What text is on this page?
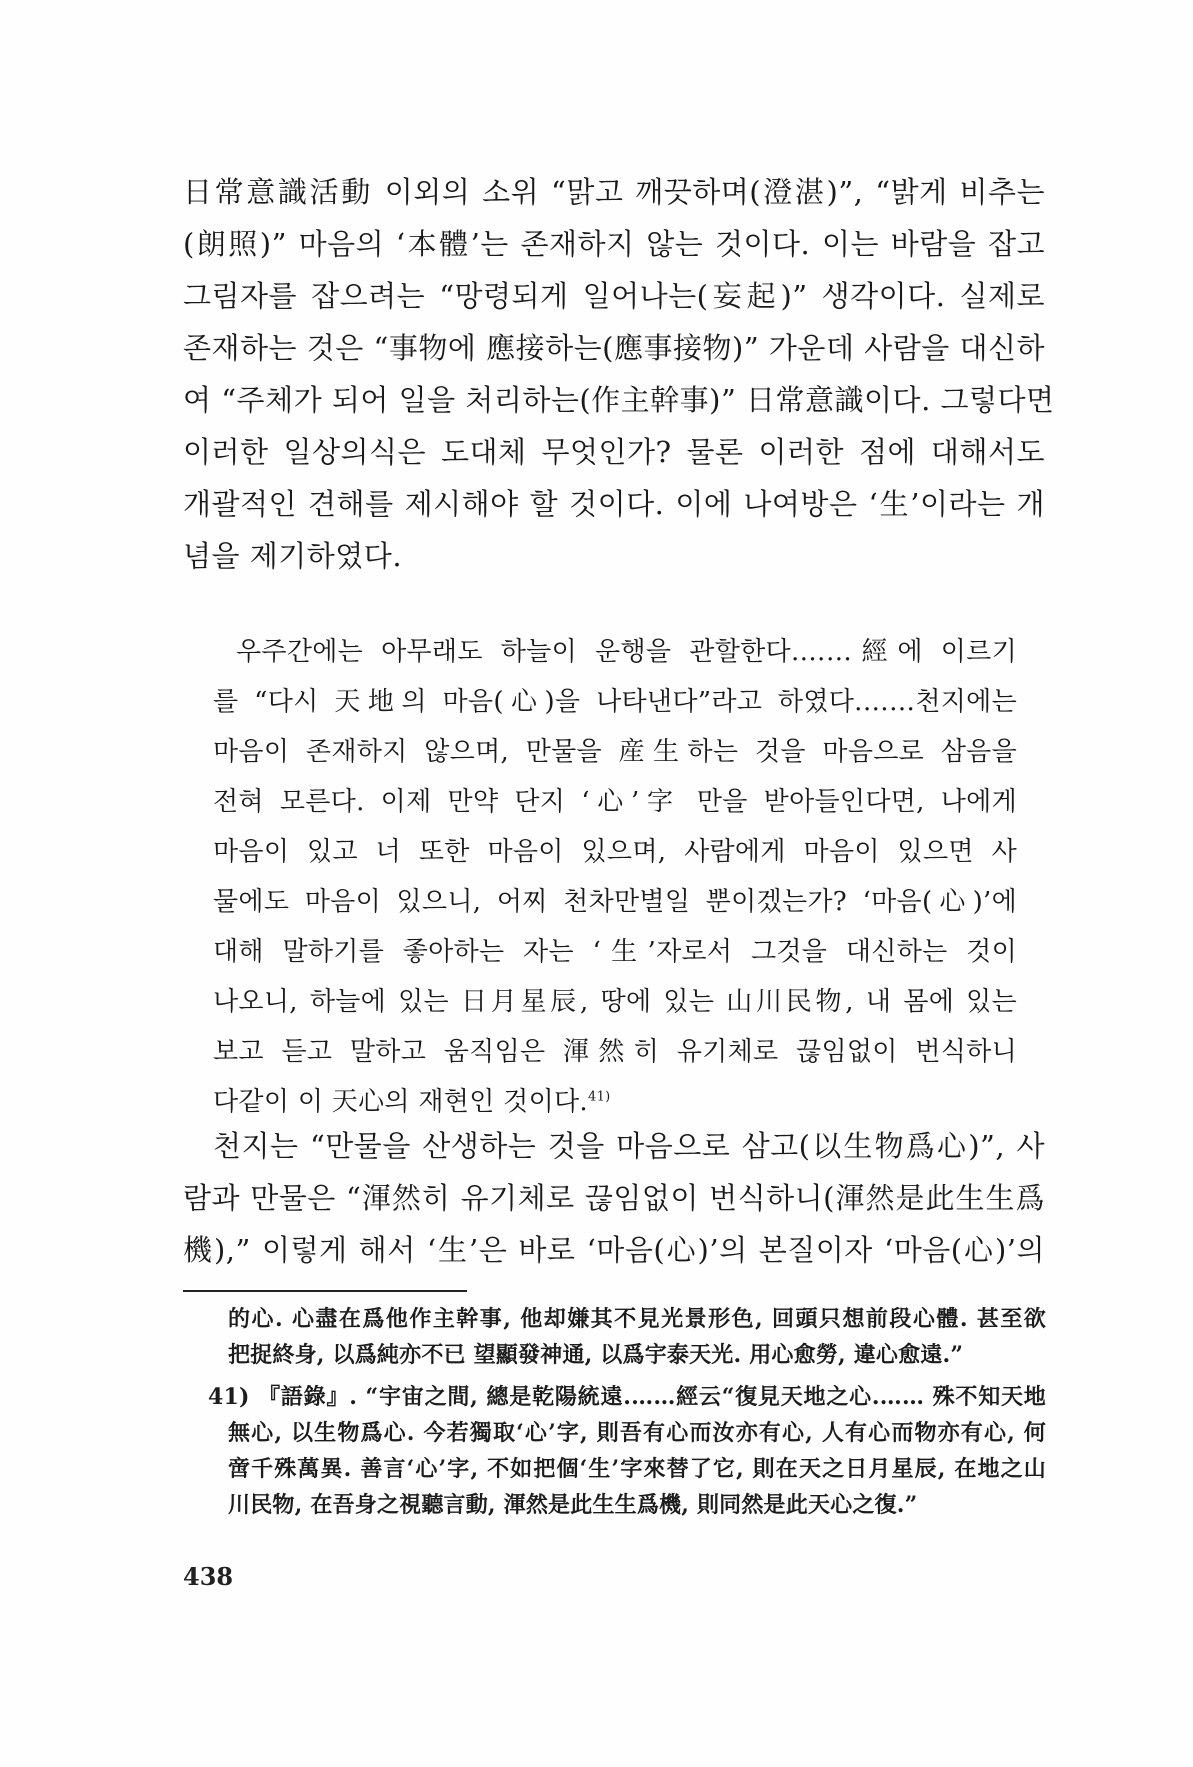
日常意識活動 이외의 소위 “맑고 깨끗하며(澄湛)”, “밝게 비추는
(朗照)” 마음의 ‘本體’는 존재하지 않는 것이다. 이는 바람을 잡고
그림자를 잡으려는 “망령되게 일어나는(妄起)” 생각이다. 실제로
존재하는 것은 “事物에 應接하는(應事接物)” 가운데 사람을 대신하
여 “주체가 되어 일을 처리하는(作主幹事)” 日常意識이다. 그렇다면
이러한 일상의식은 도대체 무엇인가? 물론 이러한 점에 대해서도
개괄적인 견해를 제시해야 할 것이다. 이에 나여방은 ‘生’이라는 개
념을 제기하였다.
우주간에는 아무래도 하늘이 운행을 관할한다.……經에 이르기
를 “다시 天地의 마음(心)을 나타낸다”라고 하였다.……천지에는
마음이 존재하지 않으며, 만물을 産生하는 것을 마음으로 삼음을
전혀 모른다. 이제 만약 단지 ‘心’字 만을 받아들인다면, 나에게
마음이 있고 너 또한 마음이 있으며, 사람에게 마음이 있으면 사
물에도 마음이 있으니, 어찌 천차만별일 뿐이겠는가? ‘마음(心)’에
대해 말하기를 좋아하는 자는 ‘生’자로서 그것을 대신하는 것이
나오니, 하늘에 있는 日月星辰, 땅에 있는 山川民物, 내 몸에 있는
보고 듣고 말하고 움직임은 渾然히 유기체로 끊임없이 번식하니
다같이 이 天心의 재현인 것이다.$^{41)}$
천지는 “만물을 산생하는 것을 마음으로 삼고(以生物爲心)”, 사
람과 만물은 “渾然히 유기체로 끊임없이 번식하니(渾然是此生生爲
機),” 이렇게 해서 ‘生’은 바로 ‘마음(心)’의 본질이자 ‘마음(心)’의
的心. 心盡在爲他作主幹事, 他却嫌其不見光景形色, 回頭只想前段心體. 甚至欲
把捉終身, 以爲純亦不已 望顯發神通, 以爲宇泰天光. 用心愈勞, 違心愈遠.”
41) 『語錄』. “宇宙之間, 總是乾陽統遠.……經云“復見天地之心.…… 殊不知天地
無心, 以生物爲心. 今若獨取‘心’字, 則吾有心而汝亦有心, 人有心而物亦有心, 何
啻千殊萬異. 善言‘心’字, 不如把個‘生’字來替了它, 則在天之日月星辰, 在地之山
川民物, 在吾身之視聽言動, 渾然是此生生爲機, 則同然是此天心之復.”
438
